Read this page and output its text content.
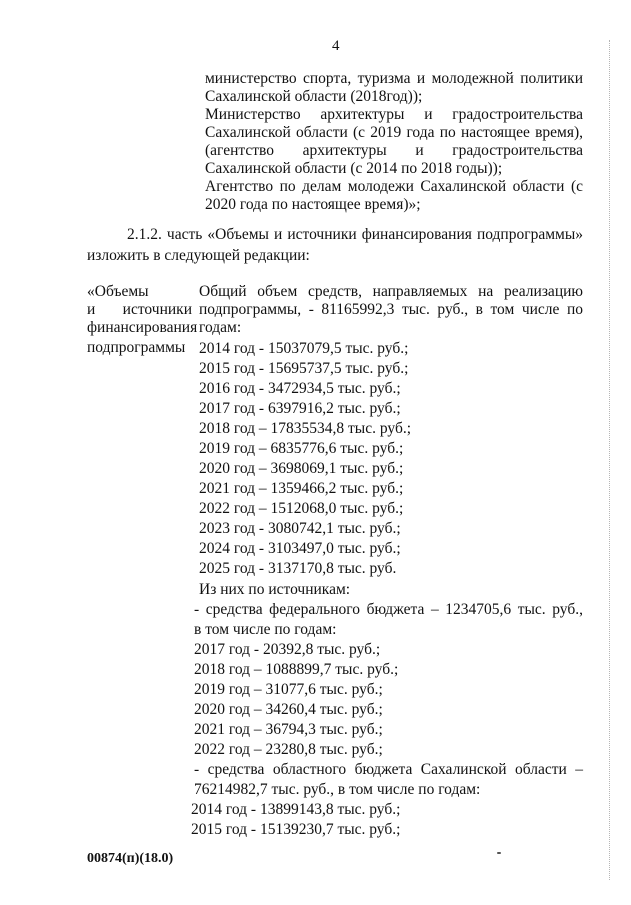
4
министерство спорта, туризма и молодежной политики
Сахалинской области (2018год));
Министерство архитектуры и градостроительства
Сахалинской области (с 2019 года по настоящее время),
(агентство архитектуры и градостроительства
Сахалинской области (с 2014 по 2018 годы));
Агентство по делам молодежи Сахалинской области (с
2020 года по настоящее время)»;
2.1.2. часть «Объемы и источники финансирования подпрограммы»
изложить в следующей редакции:
«Объемы
и источники
финансирования
подпрограммы
Общий объем средств, направляемых на реализацию
подпрограммы, - 81165992,3 тыс. руб., в том числе по
годам:
2014 год - 15037079,5 тыс. руб.;
2015 год - 15695737,5 тыс. руб.;
2016 год - 3472934,5 тыс. руб.;
2017 год - 6397916,2 тыс. руб.;
2018 год – 17835534,8 тыс. руб.;
2019 год – 6835776,6 тыс. руб.;
2020 год – 3698069,1 тыс. руб.;
2021 год – 1359466,2 тыс. руб.;
2022 год – 1512068,0 тыс. руб.;
2023 год - 3080742,1 тыс. руб.;
2024 год - 3103497,0 тыс. руб.;
2025 год - 3137170,8 тыс. руб.
Из них по источникам:
- средства федерального бюджета – 1234705,6 тыс. руб.,
в том числе по годам:
2017 год - 20392,8 тыс. руб.;
2018 год – 1088899,7 тыс. руб.;
2019 год – 31077,6 тыс. руб.;
2020 год – 34260,4 тыс. руб.;
2021 год – 36794,3 тыс. руб.;
2022 год – 23280,8 тыс. руб.;
- средства областного бюджета Сахалинской области –
76214982,7 тыс. руб., в том числе по годам:
2014 год - 13899143,8 тыс. руб.;
2015 год - 15139230,7 тыс. руб.;
00874(п)(18.0)
